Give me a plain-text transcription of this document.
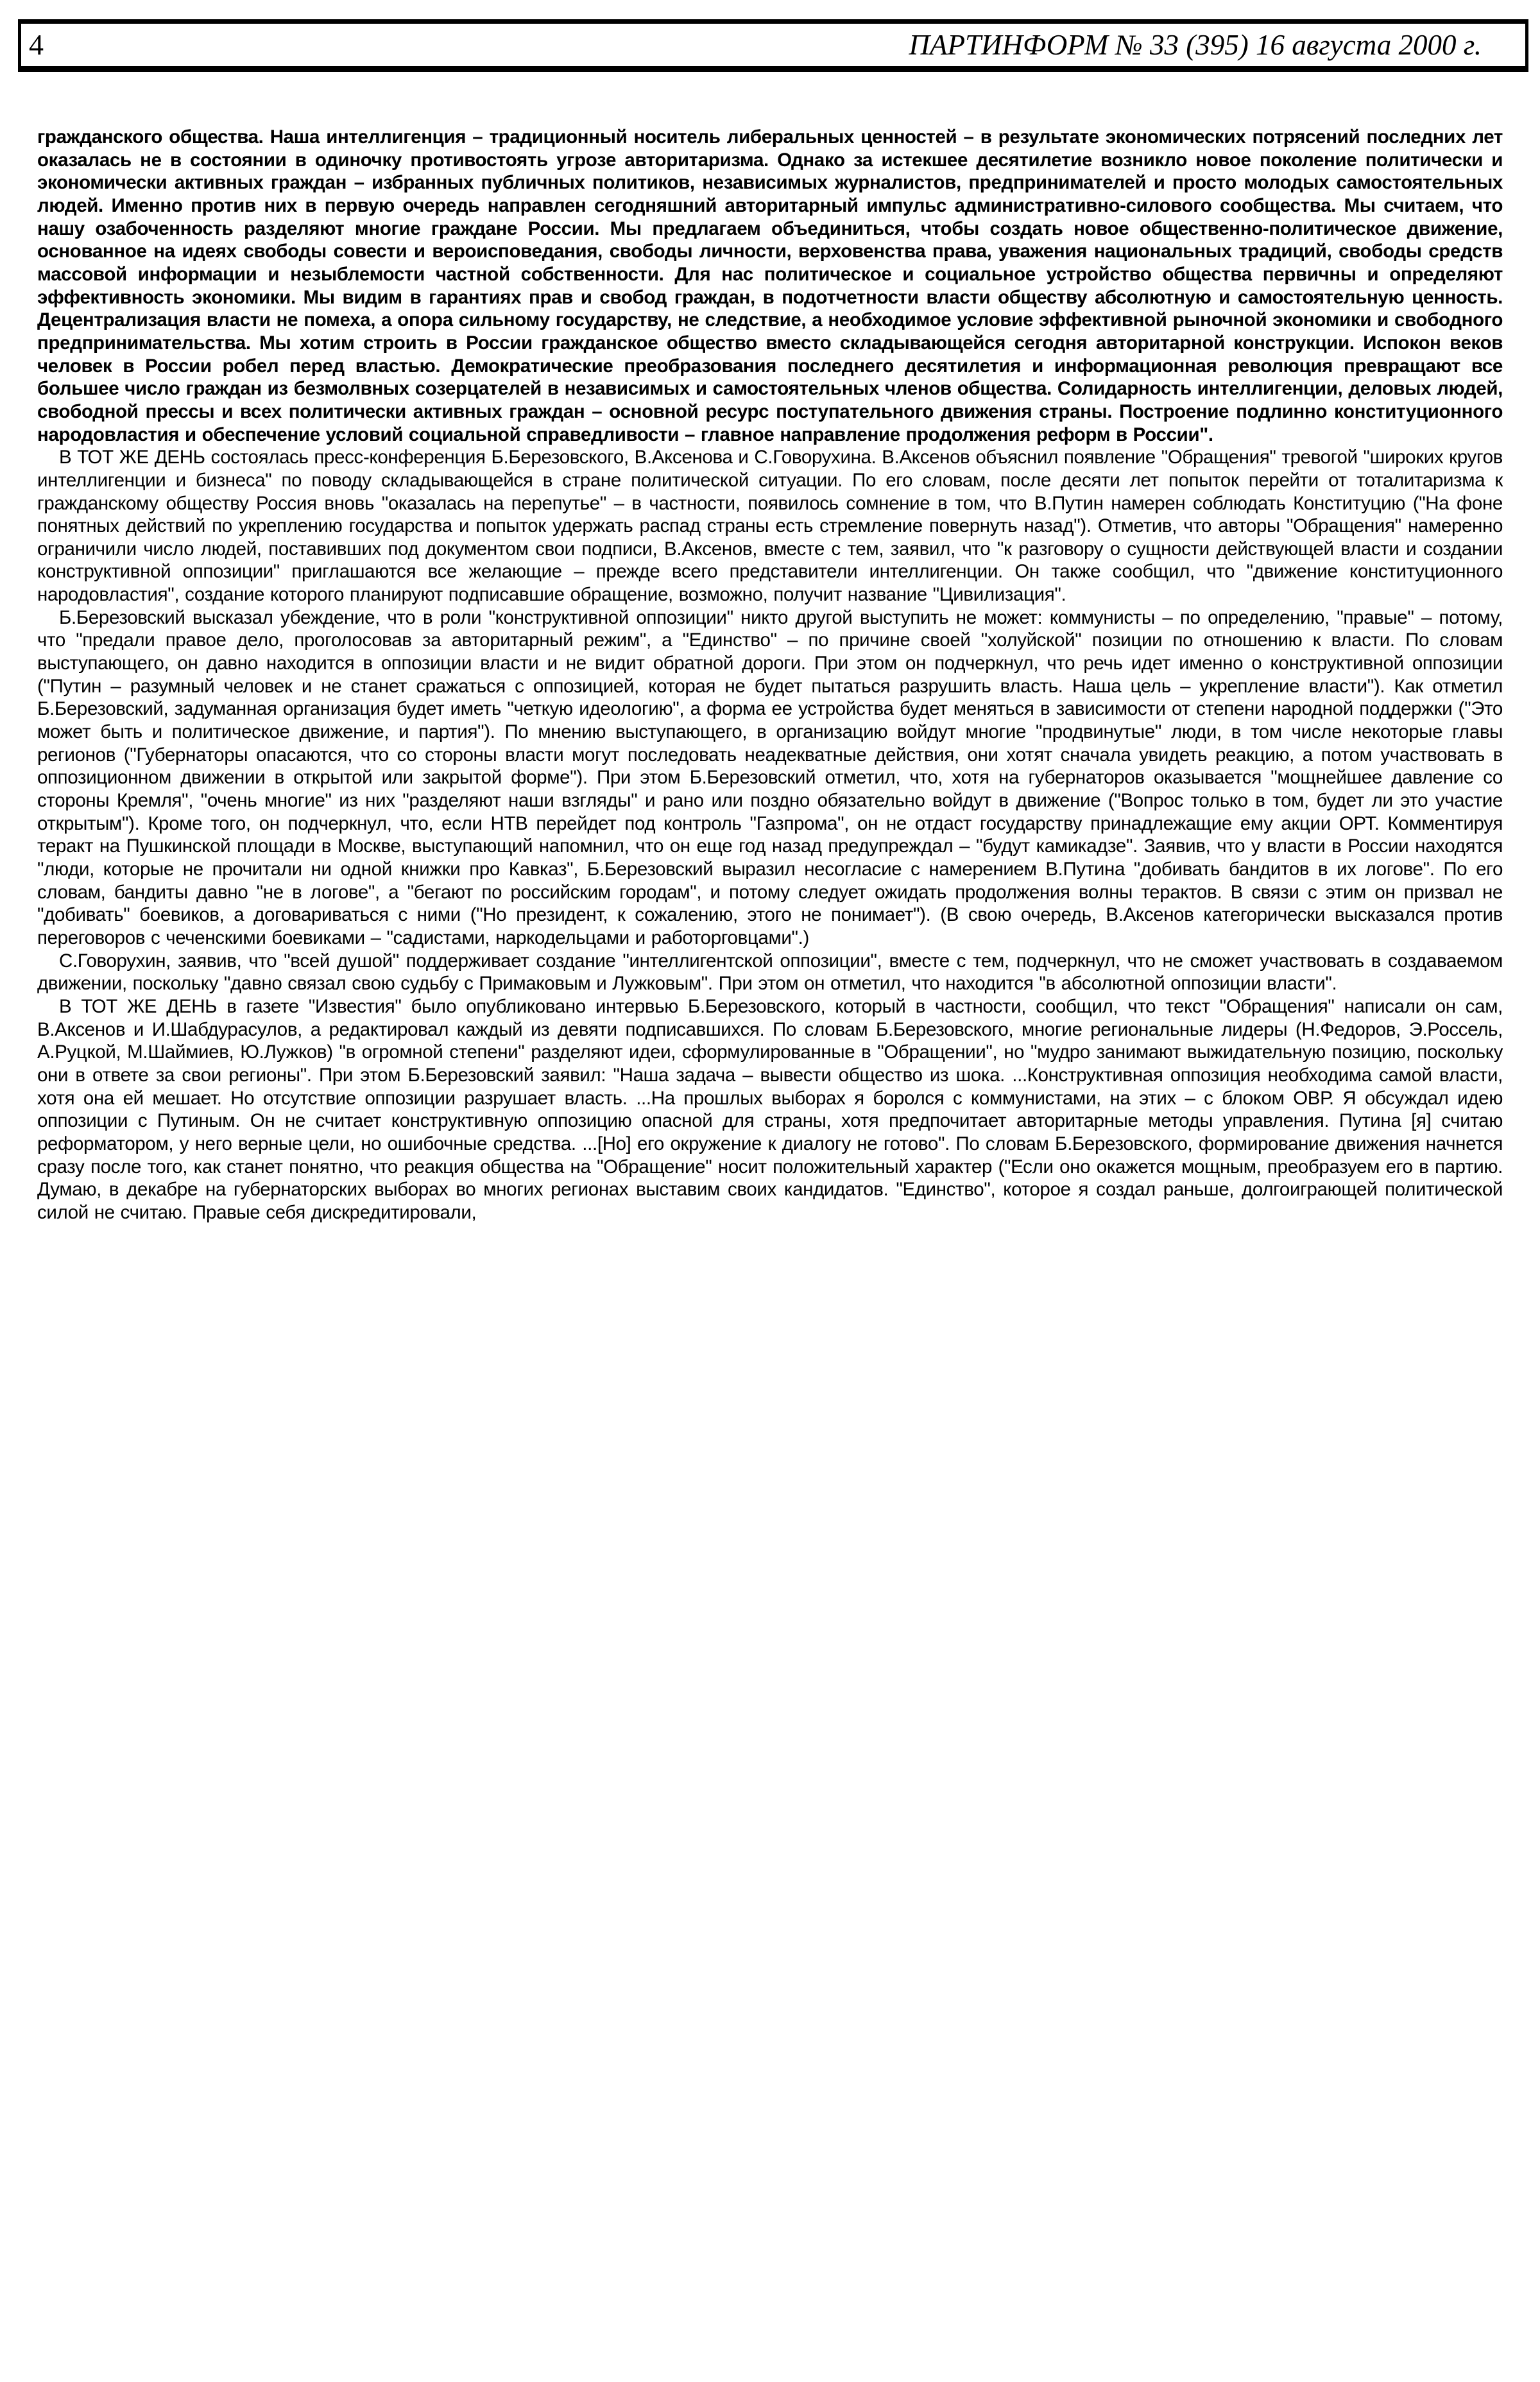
4	ПАРТИНФОРМ № 33 (395) 16 августа 2000 г.

гражданского общества. Наша интеллигенция – традиционный носитель либеральных ценностей – в результате экономических потрясений последних лет оказалась не в состоянии в одиночку противостоять угрозе авторитаризма. Однако за истекшее десятилетие возникло новое поколение политически и экономически активных граждан – избранных публичных политиков, независимых журналистов, предпринимателей и просто молодых самостоятельных людей. Именно против них в первую очередь направлен сегодняшний авторитарный импульс административно-силового сообщества. Мы считаем, что нашу озабоченность разделяют многие граждане России. Мы предлагаем объединиться, чтобы создать новое общественно-политическое движение, основанное на идеях свободы совести и вероисповедания, свободы личности, верховенства права, уважения национальных традиций, свободы средств массовой информации и незыблемости частной собственности. Для нас политическое и социальное устройство общества первичны и определяют эффективность экономики. Мы видим в гарантиях прав и свобод граждан, в подотчетности власти обществу абсолютную и самостоятельную ценность. Децентрализация власти не помеха, а опора сильному государству, не следствие, а необходимое условие эффективной рыночной экономики и свободного предпринимательства. Мы хотим строить в России гражданское общество вместо складывающейся сегодня авторитарной конструкции. Испокон веков человек в России робел перед властью. Демократические преобразования последнего десятилетия и информационная революция превращают все большее число граждан из безмолвных созерцателей в независимых и самостоятельных членов общества. Солидарность интеллигенции, деловых людей, свободной прессы и всех политически активных граждан – основной ресурс поступательного движения страны. Построение подлинно конституционного народовластия и обеспечение условий социальной справедливости – главное направление продолжения реформ в России".

В ТОТ ЖЕ ДЕНЬ состоялась пресс-конференция Б.Березовского, В.Аксенова и С.Говорухина. В.Аксенов объяснил появление "Обращения" тревогой "широких кругов интеллигенции и бизнеса" по поводу складывающейся в стране политической ситуации. По его словам, после десяти лет попыток перейти от тоталитаризма к гражданскому обществу Россия вновь "оказалась на перепутье" – в частности, появилось сомнение в том, что В.Путин намерен соблюдать Конституцию ("На фоне понятных действий по укреплению государства и попыток удержать распад страны есть стремление повернуть назад"). Отметив, что авторы "Обращения" намеренно ограничили число людей, поставивших под документом свои подписи, В.Аксенов, вместе с тем, заявил, что "к разговору о сущности действующей власти и создании конструктивной оппозиции" приглашаются все желающие – прежде всего представители интеллигенции. Он также сообщил, что "движение конституционного народовластия", создание которого планируют подписавшие обращение, возможно, получит название "Цивилизация".

Б.Березовский высказал убеждение, что в роли "конструктивной оппозиции" никто другой выступить не может: коммунисты – по определению, "правые" – потому, что "предали правое дело, проголосовав за авторитарный режим", а "Единство" – по причине своей "холуйской" позиции по отношению к власти. По словам выступающего, он давно находится в оппозиции власти и не видит обратной дороги. При этом он подчеркнул, что речь идет именно о конструктивной оппозиции ("Путин – разумный человек и не станет сражаться с оппозицией, которая не будет пытаться разрушить власть. Наша цель – укрепление власти"). Как отметил Б.Березовский, задуманная организация будет иметь "четкую идеологию", а форма ее устройства будет меняться в зависимости от степени народной поддержки ("Это может быть и политическое движение, и партия"). По мнению выступающего, в организацию войдут многие "продвинутые" люди, в том числе некоторые главы регионов ("Губернаторы опасаются, что со стороны власти могут последовать неадекватные действия, они хотят сначала увидеть реакцию, а потом участвовать в оппозиционном движении в открытой или закрытой форме"). При этом Б.Березовский отметил, что, хотя на губернаторов оказывается "мощнейшее давление со стороны Кремля", "очень многие" из них "разделяют наши взгляды" и рано или поздно обязательно войдут в движение ("Вопрос только в том, будет ли это участие открытым"). Кроме того, он подчеркнул, что, если НТВ перейдет под контроль "Газпрома", он не отдаст государству принадлежащие ему акции ОРТ. Комментируя теракт на Пушкинской площади в Москве, выступающий напомнил, что он еще год назад предупреждал – "будут камикадзе". Заявив, что у власти в России находятся "люди, которые не прочитали ни одной книжки про Кавказ", Б.Березовский выразил несогласие с намерением В.Путина "добивать бандитов в их логове". По его словам, бандиты давно "не в логове", а "бегают по российским городам", и потому следует ожидать продолжения волны терактов. В связи с этим он призвал не "добивать" боевиков, а договариваться с ними ("Но президент, к сожалению, этого не понимает"). (В свою очередь, В.Аксенов категорически высказался против переговоров с чеченскими боевиками – "садистами, наркодельцами и работорговцами".)

С.Говорухин, заявив, что "всей душой" поддерживает создание "интеллигентской оппозиции", вместе с тем, подчеркнул, что не сможет участвовать в создаваемом движении, поскольку "давно связал свою судьбу с Примаковым и Лужковым". При этом он отметил, что находится "в абсолютной оппозиции власти".

В ТОТ ЖЕ ДЕНЬ в газете "Известия" было опубликовано интервью Б.Березовского, который в частности, сообщил, что текст "Обращения" написали он сам, В.Аксенов и И.Шабдурасулов, а редактировал каждый из девяти подписавшихся. По словам Б.Березовского, многие региональные лидеры (Н.Федоров, Э.Россель, А.Руцкой, М.Шаймиев, Ю.Лужков) "в огромной степени" разделяют идеи, сформулированные в "Обращении", но "мудро занимают выжидательную позицию, поскольку они в ответе за свои регионы". При этом Б.Березовский заявил: "Наша задача – вывести общество из шока. ...Конструктивная оппозиция необходима самой власти, хотя она ей мешает. Но отсутствие оппозиции разрушает власть. ...На прошлых выборах я боролся с коммунистами, на этих – с блоком ОВР. Я обсуждал идею оппозиции с Путиным. Он не считает конструктивную оппозицию опасной для страны, хотя предпочитает авторитарные методы управления. Путина [я] считаю реформатором, у него верные цели, но ошибочные средства. ...[Но] его окружение к диалогу не готово". По словам Б.Березовского, формирование движения начнется сразу после того, как станет понятно, что реакция общества на "Обращение" носит положительный характер ("Если оно окажется мощным, преобразуем его в партию. Думаю, в декабре на губернаторских выборах во многих регионах выставим своих кандидатов. "Единство", которое я создал раньше, долгоиграющей политической силой не считаю. Правые себя дискредитировали,
